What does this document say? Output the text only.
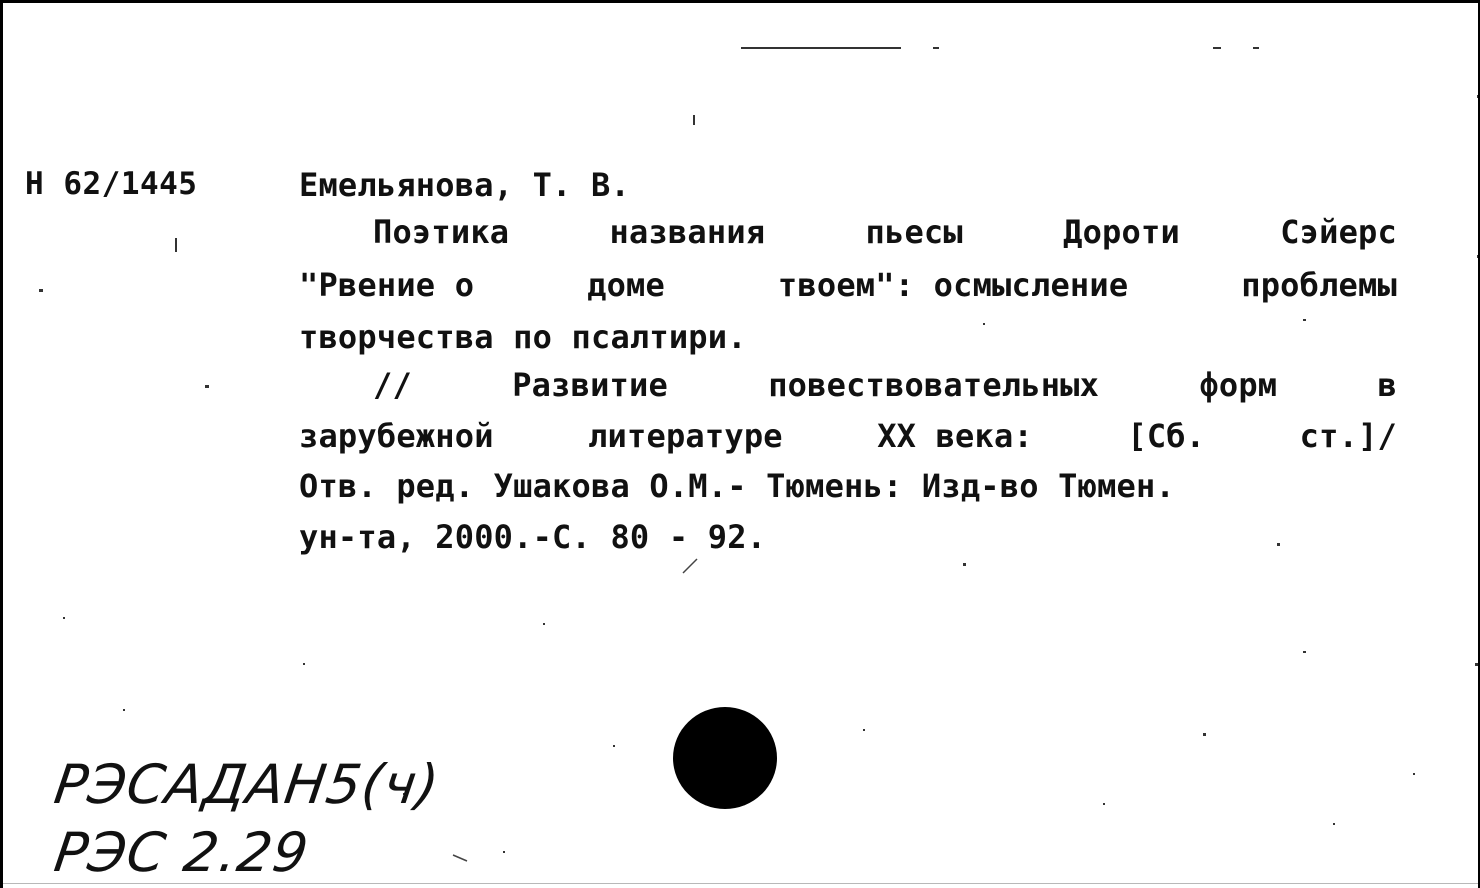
Н 62/1445	Емельянова, Т. В.
Поэтика	названия	пьесы	Дороти	Сэйерс
"Рвение о	доме	твоем": осмысление	проблемы
творчества по псалтири.
//	Развитие	повествовательных	форм	в
зарубежной	литературе	XX века:	[Сб.	ст.]/
Отв. ред. Ушакова О.М.- Тюмень: Изд-во Тюмен.
ун-та, 2000.-С. 80 - 92.
РЭСАДАН5(ч)
РЭС 2.29
